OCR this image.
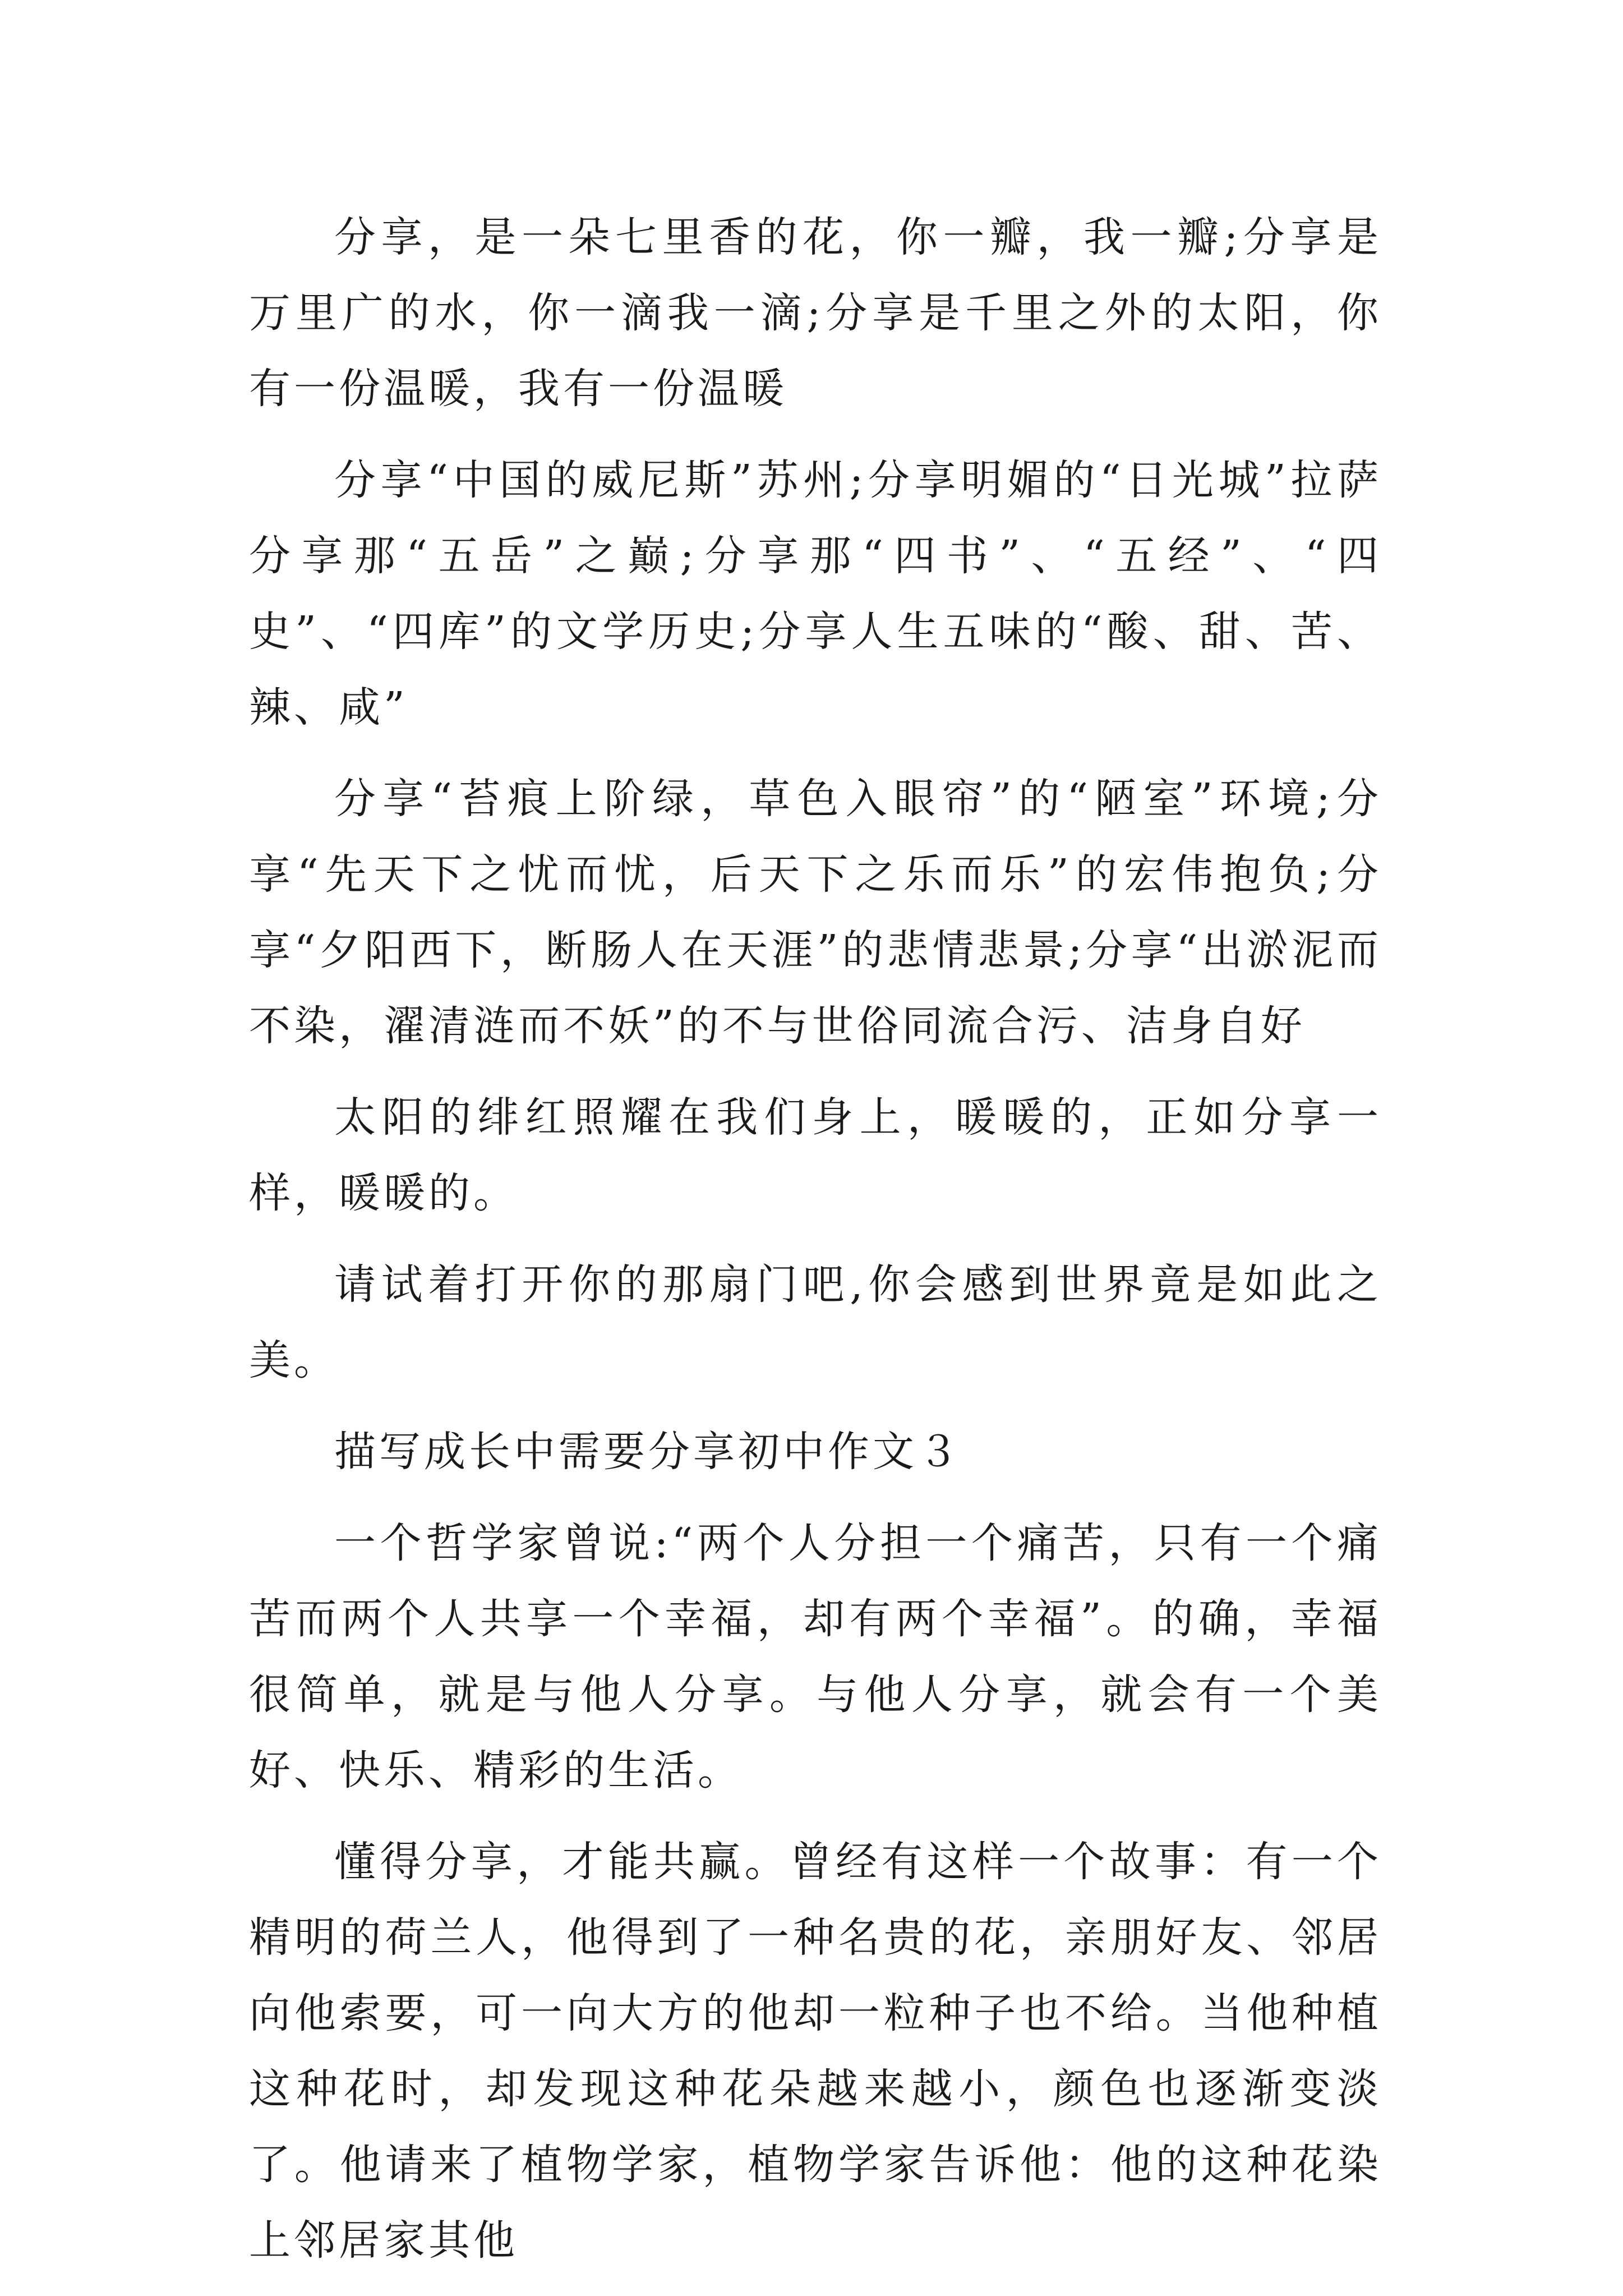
分享，是一朵七里香的花，你一瓣，我一瓣;分享是万里广的水，你一滴我一滴;分享是千里之外的太阳，你有一份温暖，我有一份温暖

分享“中国的威尼斯”苏州;分享明媚的“日光城”拉萨分享那“五岳”之巅;分享那“四书”、“五经”、“四史”、“四库”的文学历史;分享人生五味的“酸、甜、苦、辣、咸”

分享“苔痕上阶绿，草色入眼帘”的“陋室”环境;分享“先天下之忧而忧，后天下之乐而乐”的宏伟抱负;分享“夕阳西下，断肠人在天涯”的悲情悲景;分享“出淤泥而不染，濯清涟而不妖”的不与世俗同流合污、洁身自好

太阳的绯红照耀在我们身上，暖暖的，正如分享一样，暖暖的。

请试着打开你的那扇门吧,你会感到世界竟是如此之美。

描写成长中需要分享初中作文３

一个哲学家曾说:“两个人分担一个痛苦，只有一个痛苦而两个人共享一个幸福，却有两个幸福”。的确，幸福很简单，就是与他人分享。与他人分享，就会有一个美好、快乐、精彩的生活。

懂得分享，才能共赢。曾经有这样一个故事：有一个精明的荷兰人，他得到了一种名贵的花，亲朋好友、邻居向他索要，可一向大方的他却一粒种子也不给。当他种植这种花时，却发现这种花朵越来越小，颜色也逐渐变淡了。他请来了植物学家，植物学家告诉他：他的这种花染上邻居家其他
